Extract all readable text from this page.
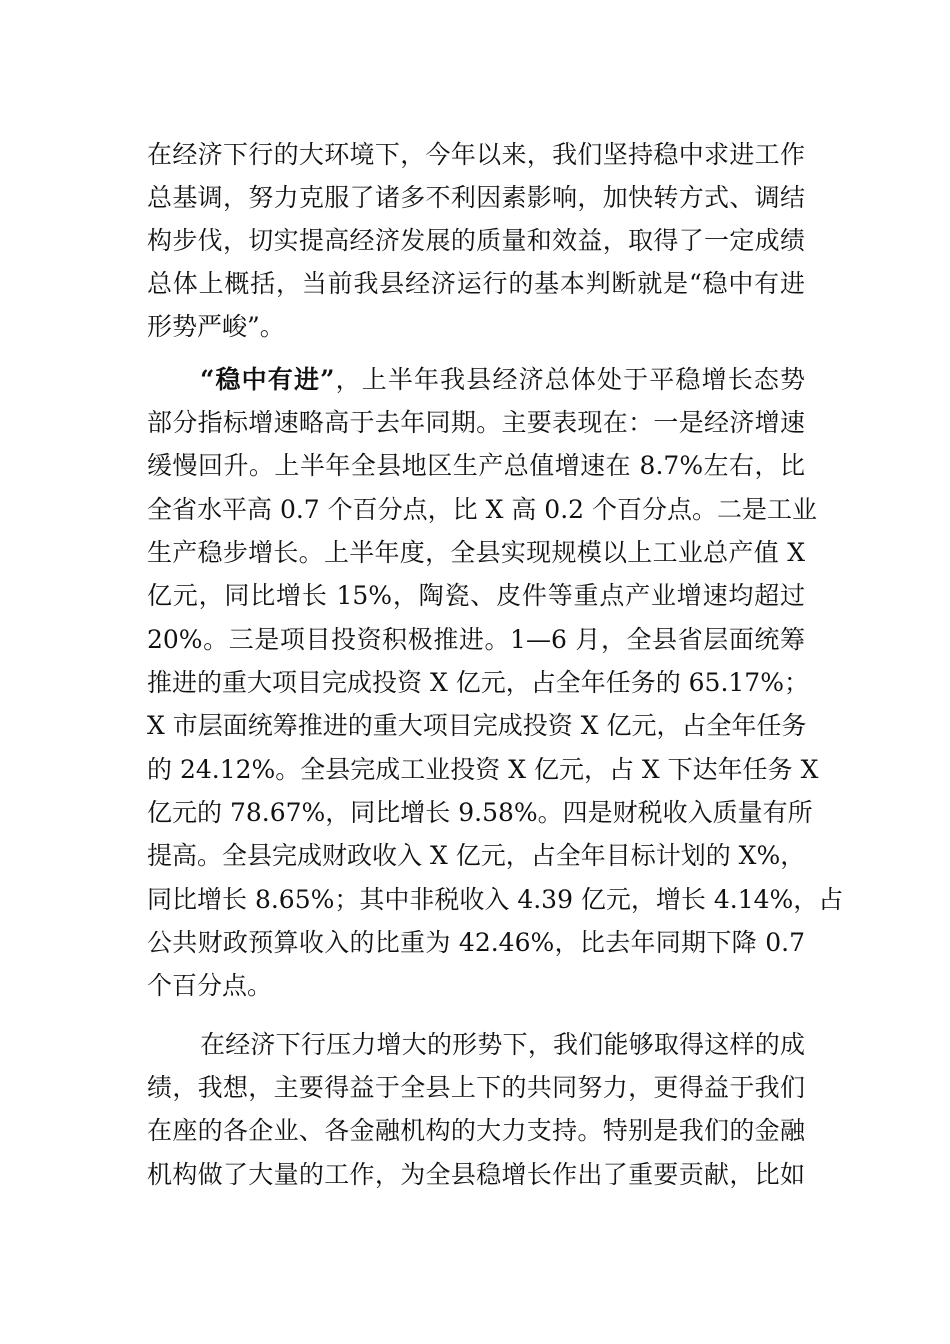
在经济下行的大环境下，今年以来，我们坚持稳中求进工作
总基调，努力克服了诸多不利因素影响，加快转方式、调结
构步伐，切实提高经济发展的质量和效益，取得了一定成绩
总体上概括，当前我县经济运行的基本判断就是“稳中有进
形势严峻”。
“稳中有进”，上半年我县经济总体处于平稳增长态势
部分指标增速略高于去年同期。主要表现在：一是经济增速
缓慢回升。上半年全县地区生产总值增速在 8.7%左右，比
全省水平高 0.7 个百分点，比 X 高 0.2 个百分点。二是工业
生产稳步增长。上半年度，全县实现规模以上工业总产值 X
亿元，同比增长 15%，陶瓷、皮件等重点产业增速均超过
20%。三是项目投资积极推进。1—6 月，全县省层面统筹
推进的重大项目完成投资 X 亿元，占全年任务的 65.17%；
X 市层面统筹推进的重大项目完成投资 X 亿元，占全年任务
的 24.12%。全县完成工业投资 X 亿元，占 X 下达年任务 X
亿元的 78.67%，同比增长 9.58%。四是财税收入质量有所
提高。全县完成财政收入 X 亿元，占全年目标计划的 X%，
同比增长 8.65%；其中非税收入 4.39 亿元，增长 4.14%，占
公共财政预算收入的比重为 42.46%，比去年同期下降 0.7
个百分点。
在经济下行压力增大的形势下，我们能够取得这样的成
绩，我想，主要得益于全县上下的共同努力，更得益于我们
在座的各企业、各金融机构的大力支持。特别是我们的金融
机构做了大量的工作，为全县稳增长作出了重要贡献，比如
